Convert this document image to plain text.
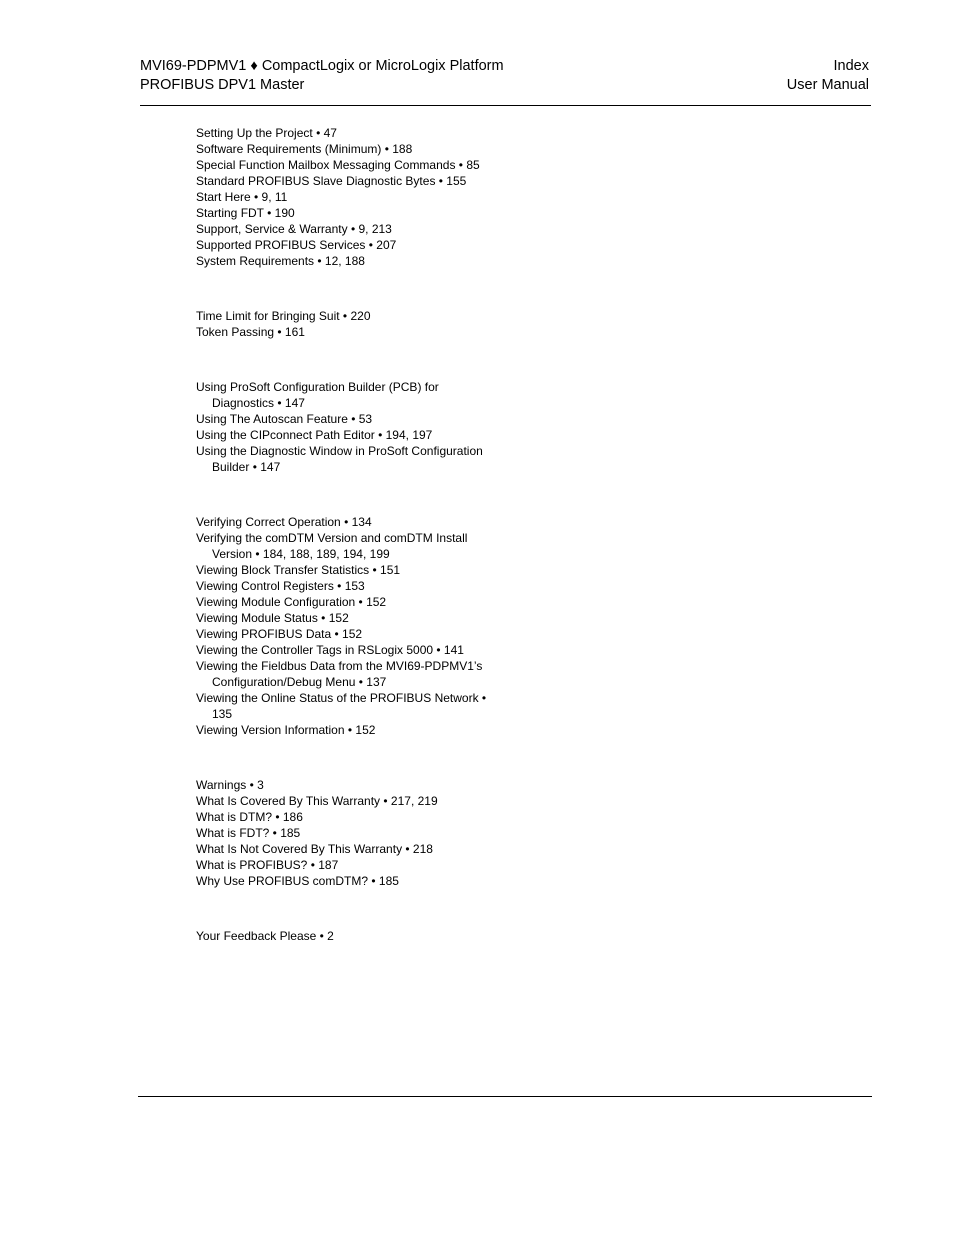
MVI69-PDPMV1 ♦ CompactLogix or MicroLogix Platform
PROFIBUS DPV1 Master
Index
User Manual
Setting Up the Project • 47
Software Requirements (Minimum) • 188
Special Function Mailbox Messaging Commands • 85
Standard PROFIBUS Slave Diagnostic Bytes • 155
Start Here • 9, 11
Starting FDT • 190
Support, Service & Warranty • 9, 213
Supported PROFIBUS Services • 207
System Requirements • 12, 188
Time Limit for Bringing Suit • 220
Token Passing • 161
Using ProSoft Configuration Builder (PCB) for
Diagnostics • 147
Using The Autoscan Feature • 53
Using the CIPconnect Path Editor • 194, 197
Using the Diagnostic Window in ProSoft Configuration
Builder • 147
Verifying Correct Operation • 134
Verifying the comDTM Version and comDTM Install
Version • 184, 188, 189, 194, 199
Viewing Block Transfer Statistics • 151
Viewing Control Registers • 153
Viewing Module Configuration • 152
Viewing Module Status • 152
Viewing PROFIBUS Data • 152
Viewing the Controller Tags in RSLogix 5000 • 141
Viewing the Fieldbus Data from the MVI69-PDPMV1’s
Configuration/Debug Menu • 137
Viewing the Online Status of the PROFIBUS Network •
135
Viewing Version Information • 152
Warnings • 3
What Is Covered By This Warranty • 217, 219
What is DTM? • 186
What is FDT? • 185
What Is Not Covered By This Warranty • 218
What is PROFIBUS? • 187
Why Use PROFIBUS comDTM? • 185
Your Feedback Please • 2
